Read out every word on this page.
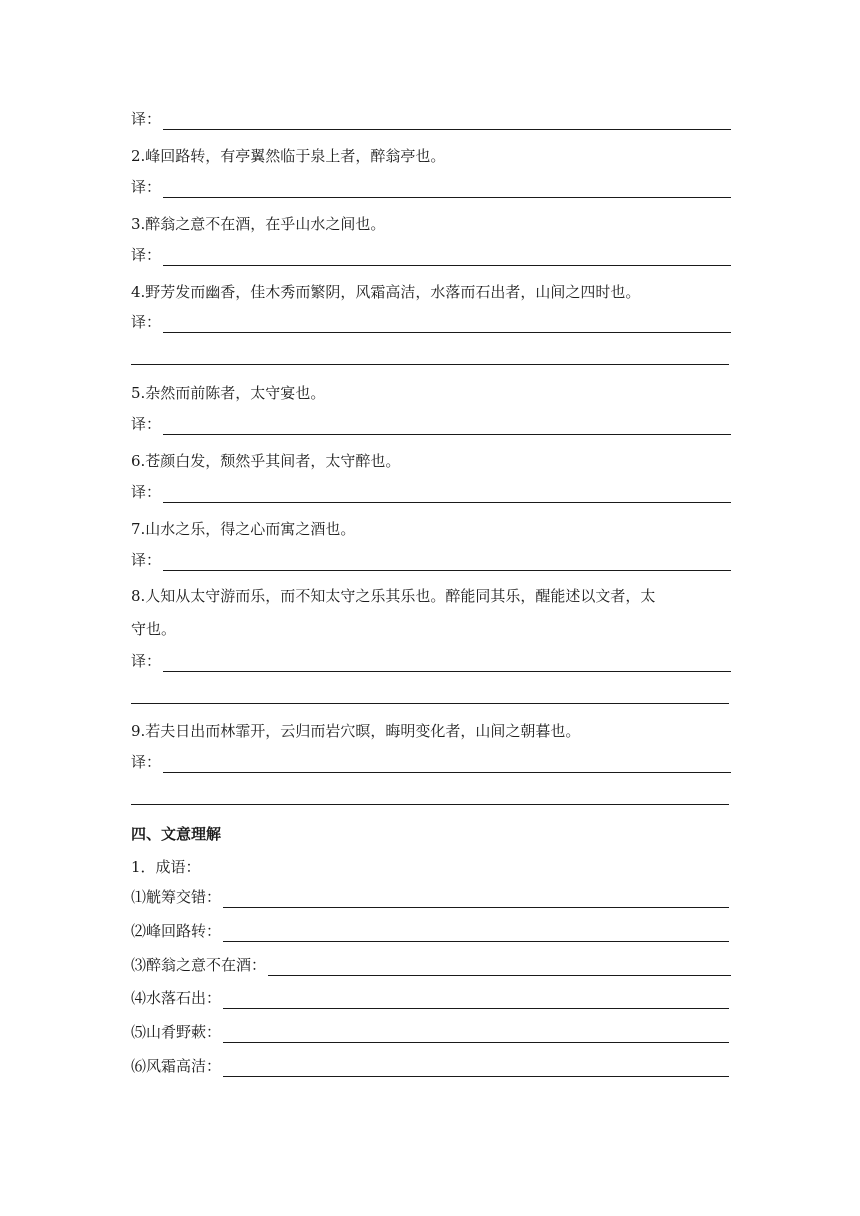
译：
2.峰回路转，有亭翼然临于泉上者，醉翁亭也。
译：
3.醉翁之意不在酒，在乎山水之间也。
译：
4.野芳发而幽香，佳木秀而繁阴，风霜高洁，水落而石出者，山间之四时也。
译：
5.杂然而前陈者，太守宴也。
译：
6.苍颜白发，颓然乎其间者，太守醉也。
译：
7.山水之乐，得之心而寓之酒也。
译：
8.人知从太守游而乐，而不知太守之乐其乐也。醉能同其乐，醒能述以文者，太
守也。
译：
9.若夫日出而林霏开，云归而岩穴暝，晦明变化者，山间之朝暮也。
译：
四、文意理解
1．成语：
⑴觥筹交错：
⑵峰回路转：
⑶醉翁之意不在酒：
⑷水落石出：
⑸山肴野蔌：
⑹风霜高洁：
